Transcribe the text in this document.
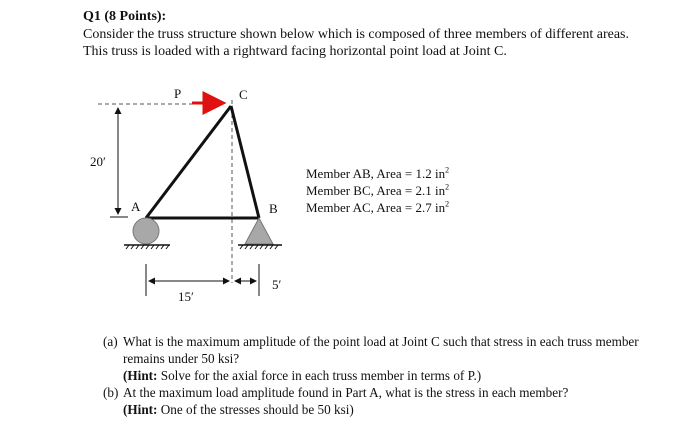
Q1 (8 Points):
Consider the truss structure shown below which is composed of three members of different areas. This truss is loaded with a rightward facing horizontal point load at Joint C.
20′
P	C
A	B
15′
5′
Member AB, Area = 1.2 $in^2$
Member BC, Area = 2.1 $in^2$
Member AC, Area = 2.7 $in^2$
(a) What is the maximum amplitude of the point load at Joint C such that stress in each truss member remains under 50 ksi?
(Hint: Solve for the axial force in each truss member in terms of P.)
(b) At the maximum load amplitude found in Part A, what is the stress in each member?
(Hint: One of the stresses should be 50 ksi)
